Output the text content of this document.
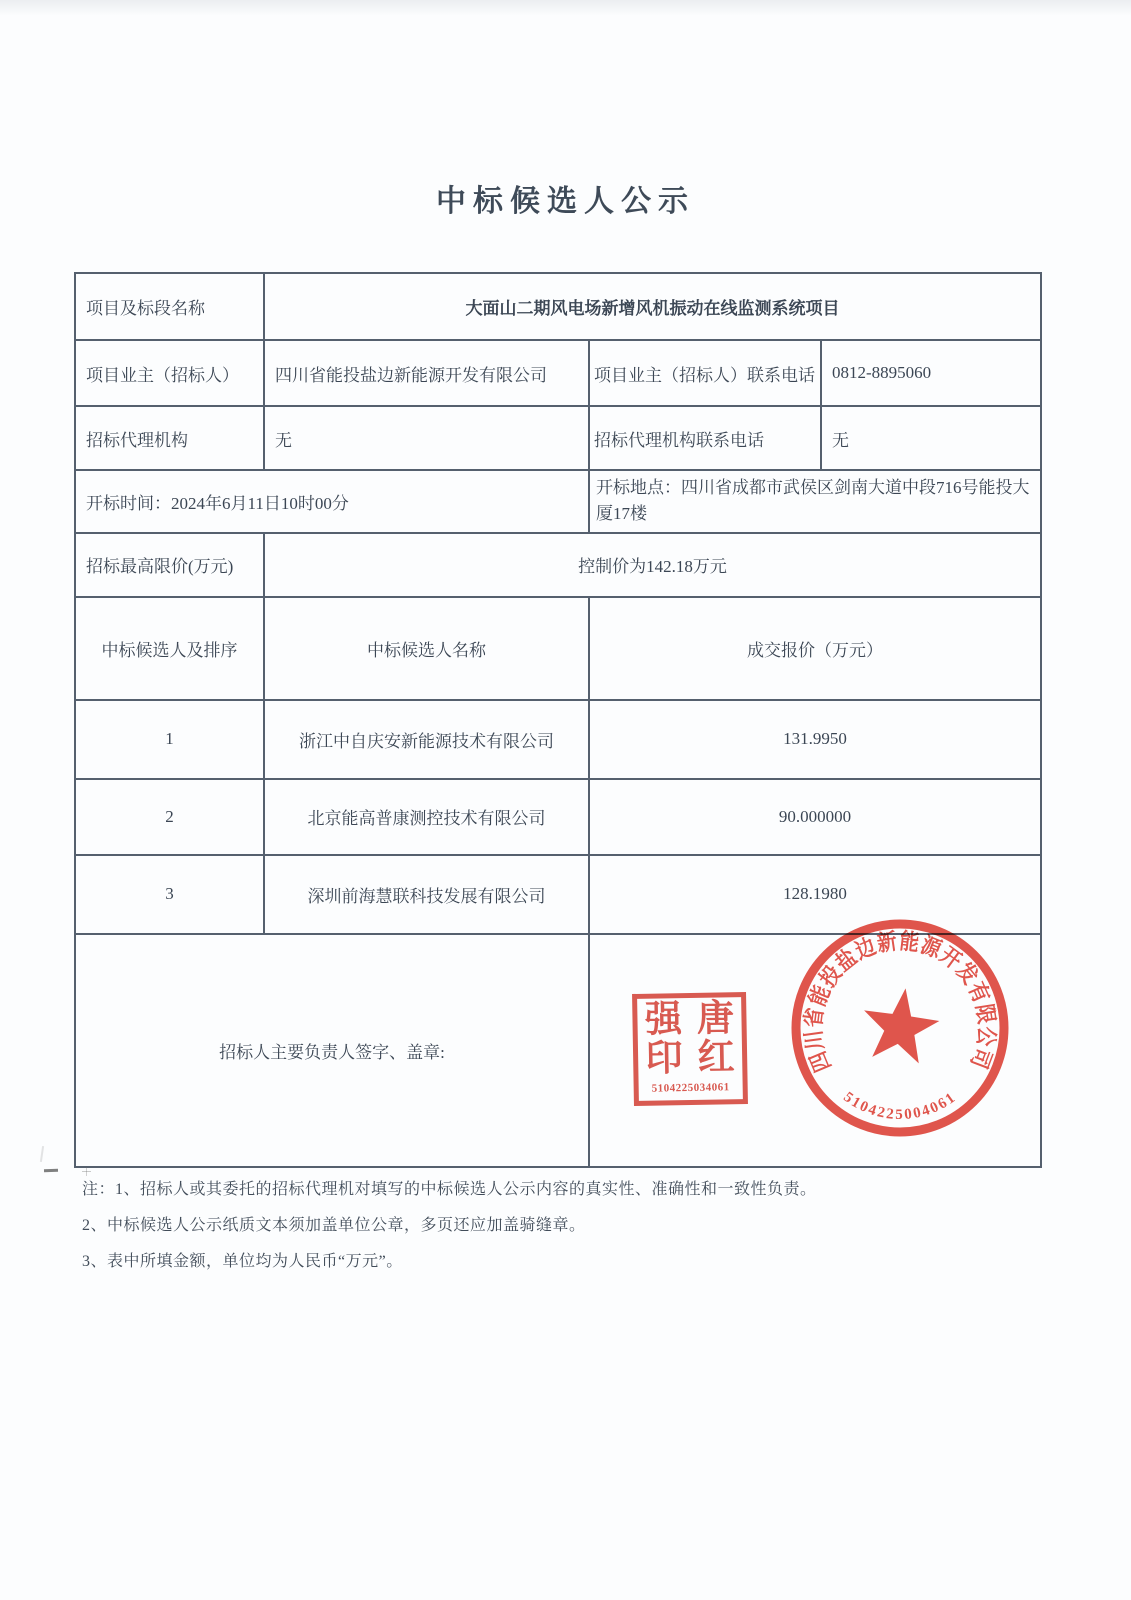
中标候选人公示
项目及标段名称	大面山二期风电场新增风机振动在线监测系统项目		
项目业主（招标人）	四川省能投盐边新能源开发有限公司	项目业主（招标人）联系电话	0812-8895060
招标代理机构	无	招标代理机构联系电话	无
开标时间：2024年6月11日10时00分		开标地点：四川省成都市武侯区剑南大道中段716号能投大厦17楼	
招标最高限价(万元)	控制价为142.18万元		
中标候选人及排序	中标候选人名称	成交报价（万元）	
1	浙江中自庆安新能源技术有限公司	131.9950	
2	北京能高普康测控技术有限公司	90.000000	
3	深圳前海慧联科技发展有限公司	128.1980	
招标人主要负责人签字、盖章:			
强 唐
印 红
5104225034061
四川省能投盐边新能源开发有限公司
5104225004061

注：1、招标人或其委托的招标代理机对填写的中标候选人公示内容的真实性、准确性和一致性负责。

2、中标候选人公示纸质文本须加盖单位公章，多页还应加盖骑缝章。

3、表中所填金额，单位均为人民币“万元”。
